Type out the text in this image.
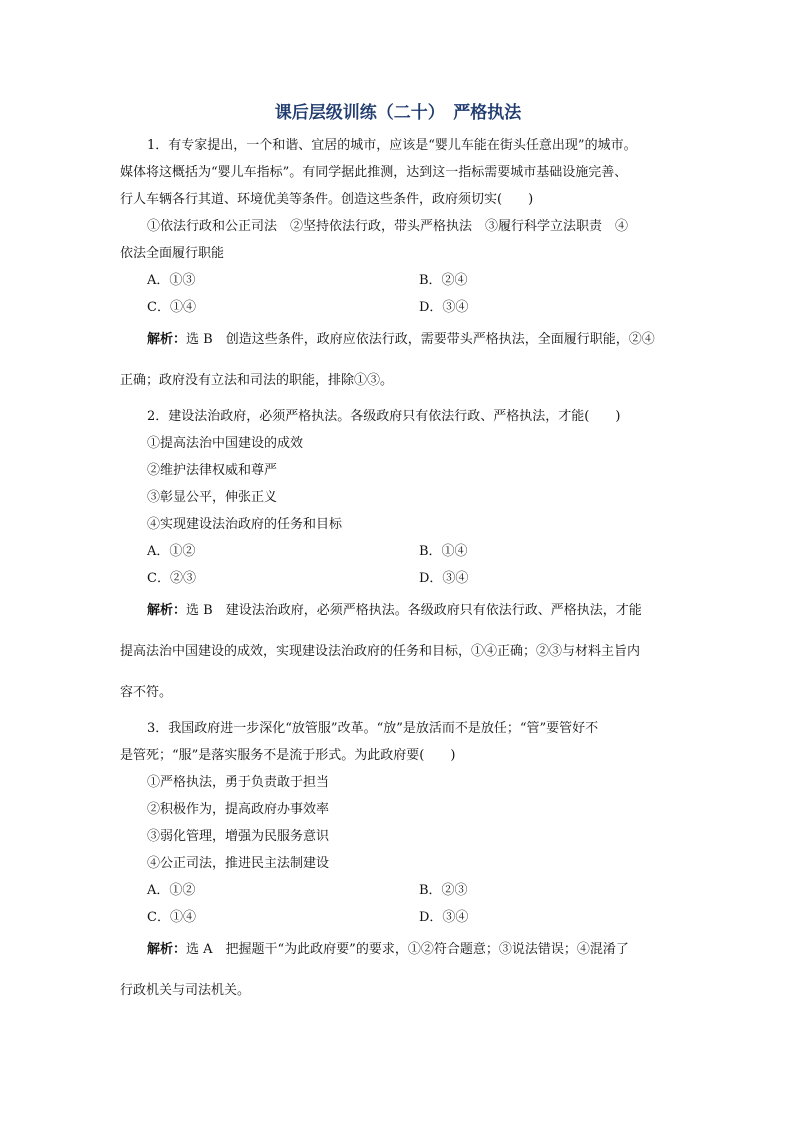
课后层级训练（二十）　严格执法
1．有专家提出，一个和谐、宜居的城市，应该是“婴儿车能在街头任意出现”的城市。
媒体将这概括为“婴儿车指标”。有同学据此推测，达到这一指标需要城市基础设施完善、
行人车辆各行其道、环境优美等条件。创造这些条件，政府须切实(　　)
①依法行政和公正司法　②坚持依法行政，带头严格执法　③履行科学立法职责　④
依法全面履行职能
A．①③	B．②④
C．①④	D．③④
解析：选 B　创造这些条件，政府应依法行政，需要带头严格执法，全面履行职能，②④
正确；政府没有立法和司法的职能，排除①③。
2．建设法治政府，必须严格执法。各级政府只有依法行政、严格执法，才能(　　)
①提高法治中国建设的成效
②维护法律权威和尊严
③彰显公平，伸张正义
④实现建设法治政府的任务和目标
A．①②	B．①④
C．②③	D．③④
解析：选 B　建设法治政府，必须严格执法。各级政府只有依法行政、严格执法，才能
提高法治中国建设的成效，实现建设法治政府的任务和目标，①④正确；②③与材料主旨内
容不符。
3．我国政府进一步深化“放管服”改革。“放”是放活而不是放任；“管”要管好不
是管死；“服”是落实服务不是流于形式。为此政府要(　　)
①严格执法，勇于负责敢于担当
②积极作为，提高政府办事效率
③弱化管理，增强为民服务意识
④公正司法，推进民主法制建设
A．①②	B．②③
C．①④	D．③④
解析：选 A　把握题干“为此政府要”的要求，①②符合题意；③说法错误；④混淆了
行政机关与司法机关。
